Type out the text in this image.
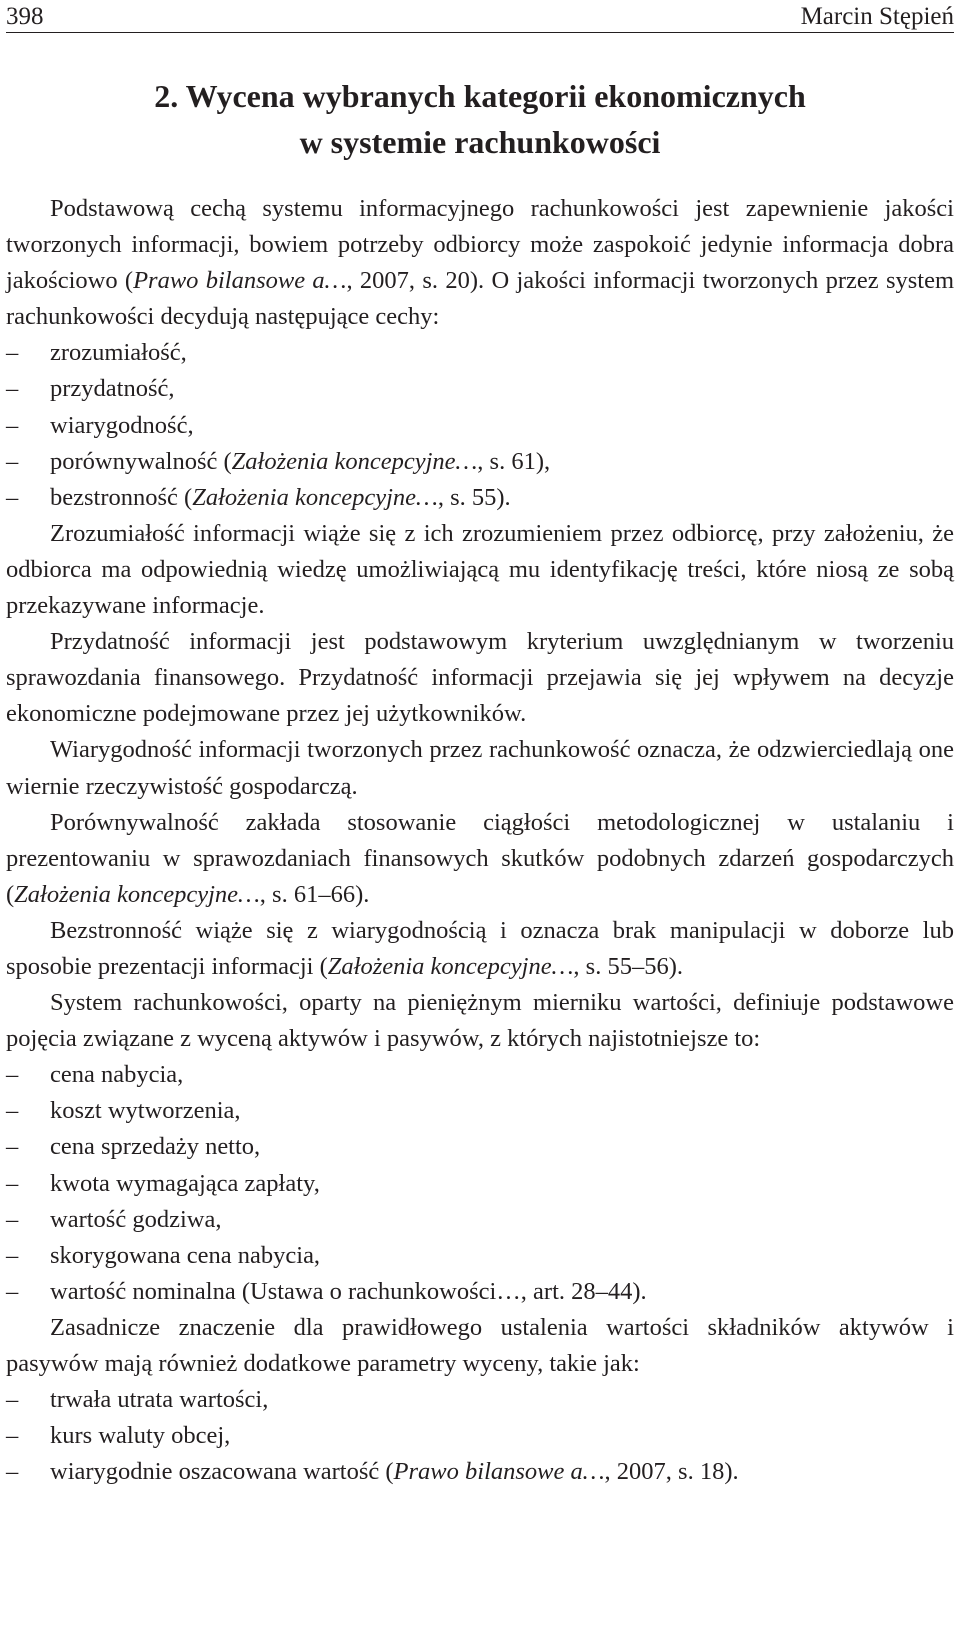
398	Marcin Stępień
2. Wycena wybranych kategorii ekonomicznych
w systemie rachunkowości

Podstawową cechą systemu informacyjnego rachunkowości jest zapewnienie jakości tworzonych informacji, bowiem potrzeby odbiorcy może zaspokoić jedynie informacja dobra jakościowo (Prawo bilansowe a…, 2007, s. 20). O jakości informacji tworzonych przez system rachunkowości decydują następujące cechy:

– zrozumiałość,
– przydatność,
– wiarygodność,
– porównywalność (Założenia koncepcyjne…, s. 61),
– bezstronność (Założenia koncepcyjne…, s. 55).

Zrozumiałość informacji wiąże się z ich zrozumieniem przez odbiorcę, przy założeniu, że odbiorca ma odpowiednią wiedzę umożliwiającą mu identyfikację treści, które niosą ze sobą przekazywane informacje.

Przydatność informacji jest podstawowym kryterium uwzględnianym w tworzeniu sprawozdania finansowego. Przydatność informacji przejawia się jej wpływem na decyzje ekonomiczne podejmowane przez jej użytkowników.

Wiarygodność informacji tworzonych przez rachunkowość oznacza, że odzwierciedlają one wiernie rzeczywistość gospodarczą.

Porównywalność zakłada stosowanie ciągłości metodologicznej w ustalaniu i prezentowaniu w sprawozdaniach finansowych skutków podobnych zdarzeń gospodarczych (Założenia koncepcyjne…, s. 61–66).

Bezstronność wiąże się z wiarygodnością i oznacza brak manipulacji w doborze lub sposobie prezentacji informacji (Założenia koncepcyjne…, s. 55–56).

System rachunkowości, oparty na pieniężnym mierniku wartości, definiuje podstawowe pojęcia związane z wyceną aktywów i pasywów, z których najistotniejsze to:

– cena nabycia,
– koszt wytworzenia,
– cena sprzedaży netto,
– kwota wymagająca zapłaty,
– wartość godziwa,
– skorygowana cena nabycia,
– wartość nominalna (Ustawa o rachunkowości…, art. 28–44).

Zasadnicze znaczenie dla prawidłowego ustalenia wartości składników aktywów i pasywów mają również dodatkowe parametry wyceny, takie jak:

– trwała utrata wartości,
– kurs waluty obcej,
– wiarygodnie oszacowana wartość (Prawo bilansowe a…, 2007, s. 18).
